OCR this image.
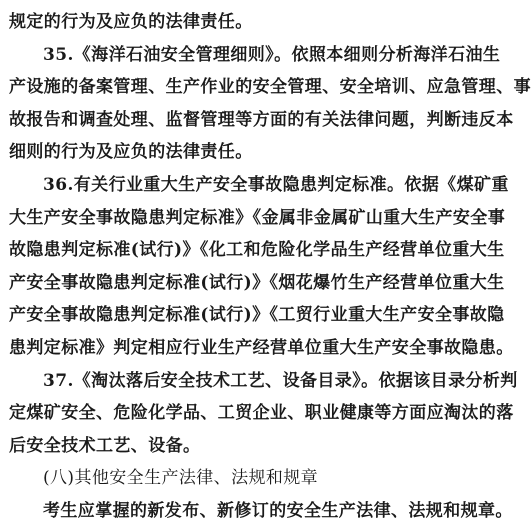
规定的行为及应负的法律责任。
35.《海洋石油安全管理细则》。依照本细则分析海洋石油生
产设施的备案管理、生产作业的安全管理、安全培训、应急管理、事
故报告和调查处理、监督管理等方面的有关法律问题，判断违反本
细则的行为及应负的法律责任。
36.有关行业重大生产安全事故隐患判定标准。依据《煤矿重
大生产安全事故隐患判定标准》《金属非金属矿山重大生产安全事
故隐患判定标准(试行)》《化工和危险化学品生产经营单位重大生
产安全事故隐患判定标准(试行)》《烟花爆竹生产经营单位重大生
产安全事故隐患判定标准(试行)》《工贸行业重大生产安全事故隐
患判定标准》判定相应行业生产经营单位重大生产安全事故隐患。
37.《淘汰落后安全技术工艺、设备目录》。依据该目录分析判
定煤矿安全、危险化学品、工贸企业、职业健康等方面应淘汰的落
后安全技术工艺、设备。
(八)其他安全生产法律、法规和规章
考生应掌握的新发布、新修订的安全生产法律、法规和规章。
